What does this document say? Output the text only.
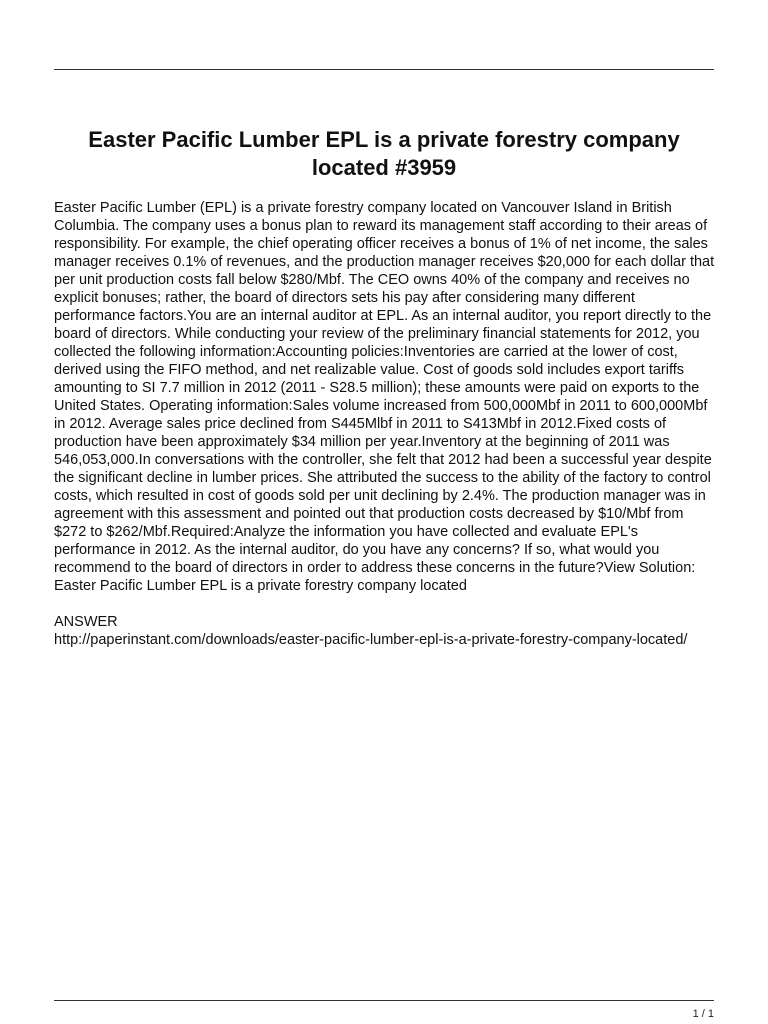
Easter Pacific Lumber EPL is a private forestry company located #3959

Easter Pacific Lumber (EPL) is a private forestry company located on Vancouver Island in British Columbia. The company uses a bonus plan to reward its management staff according to their areas of responsibility. For example, the chief operating officer receives a bonus of 1% of net income, the sales manager receives 0.1% of revenues, and the production manager receives $20,000 for each dollar that per unit production costs fall below $280/Mbf. The CEO owns 40% of the company and receives no explicit bonuses; rather, the board of directors sets his pay after considering many different performance factors.You are an internal auditor at EPL. As an internal auditor, you report directly to the board of directors. While conducting your review of the preliminary financial statements for 2012, you collected the following information:Accounting policies:Inventories are carried at the lower of cost, derived using the FIFO method, and net realizable value. Cost of goods sold includes export tariffs amounting to SI 7.7 million in 2012 (2011 - S28.5 million); these amounts were paid on exports to the United States. Operating information:Sales volume increased from 500,000Mbf in 2011 to 600,000Mbf in 2012. Average sales price declined from S445Mlbf in 2011 to S413Mbf in 2012.Fixed costs of production have been approximately $34 million per year.Inventory at the beginning of 2011 was 546,053,000.In conversations with the controller, she felt that 2012 had been a successful year despite the significant decline in lumber prices. She attributed the success to the ability of the factory to control costs, which resulted in cost of goods sold per unit declining by 2.4%. The production manager was in agreement with this assessment and pointed out that production costs decreased by $10/Mbf from $272 to $262/Mbf.Required:Analyze the information you have collected and evaluate EPL's performance in 2012. As the internal auditor, do you have any concerns? If so, what would you recommend to the board of directors in order to address these concerns in the future?View Solution:

Easter Pacific Lumber EPL is a private forestry company located

ANSWER

http://paperinstant.com/downloads/easter-pacific-lumber-epl-is-a-private-forestry-company-located/

1 / 1
